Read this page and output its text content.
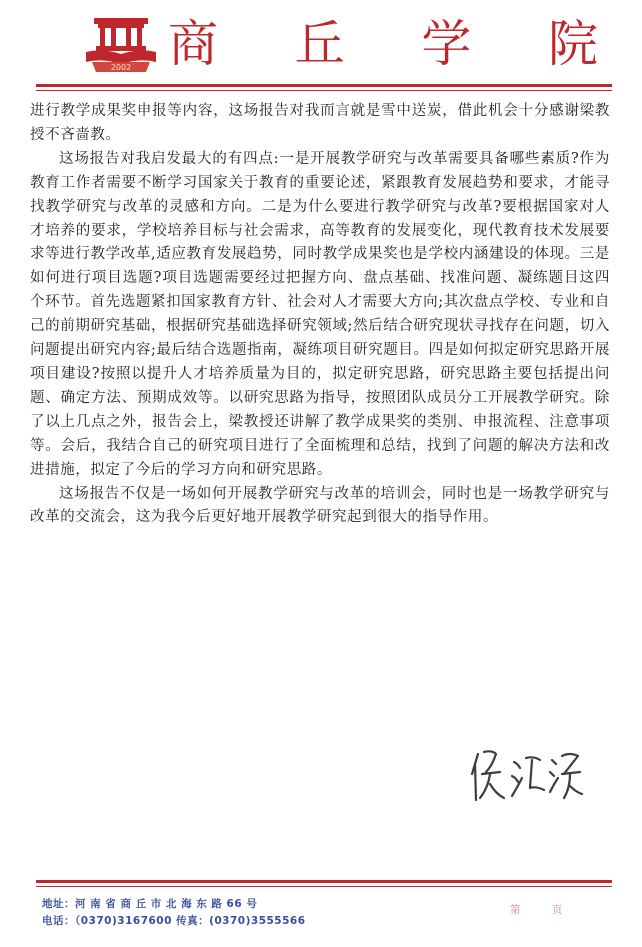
2002 商 丘 学 院

进行教学成果奖申报等内容，这场报告对我而言就是雪中送炭，借此机会十分感谢梁教授不吝啬教。

这场报告对我启发最大的有四点:一是开展教学研究与改革需要具备哪些素质?作为教育工作者需要不断学习国家关于教育的重要论述，紧跟教育发展趋势和要求，才能寻找教学研究与改革的灵感和方向。二是为什么要进行教学研究与改革?要根据国家对人才培养的要求，学校培养目标与社会需求，高等教育的发展变化，现代教育技术发展要求等进行教学改革,适应教育发展趋势，同时教学成果奖也是学校内涵建设的体现。三是如何进行项目选题?项目选题需要经过把握方向、盘点基础、找准问题、凝练题目这四个环节。首先选题紧扣国家教育方针、社会对人才需要大方向;其次盘点学校、专业和自己的前期研究基础，根据研究基础选择研究领域;然后结合研究现状寻找存在问题，切入问题提出研究内容;最后结合选题指南，凝练项目研究题目。四是如何拟定研究思路开展项目建设?按照以提升人才培养质量为目的，拟定研究思路，研究思路主要包括提出问题、确定方法、预期成效等。以研究思路为指导，按照团队成员分工开展教学研究。除了以上几点之外，报告会上，梁教授还讲解了教学成果奖的类别、申报流程、注意事项等。会后，我结合自己的研究项目进行了全面梳理和总结，找到了问题的解决方法和改进措施，拟定了今后的学习方向和研究思路。

这场报告不仅是一场如何开展教学研究与改革的培训会，同时也是一场教学研究与改革的交流会，这为我今后更好地开展教学研究起到很大的指导作用。

地址：河 南 省 商 丘 市 北 海 东 路 66 号
电话：（0370)3167600 传真：(0370)3555566
第 页
